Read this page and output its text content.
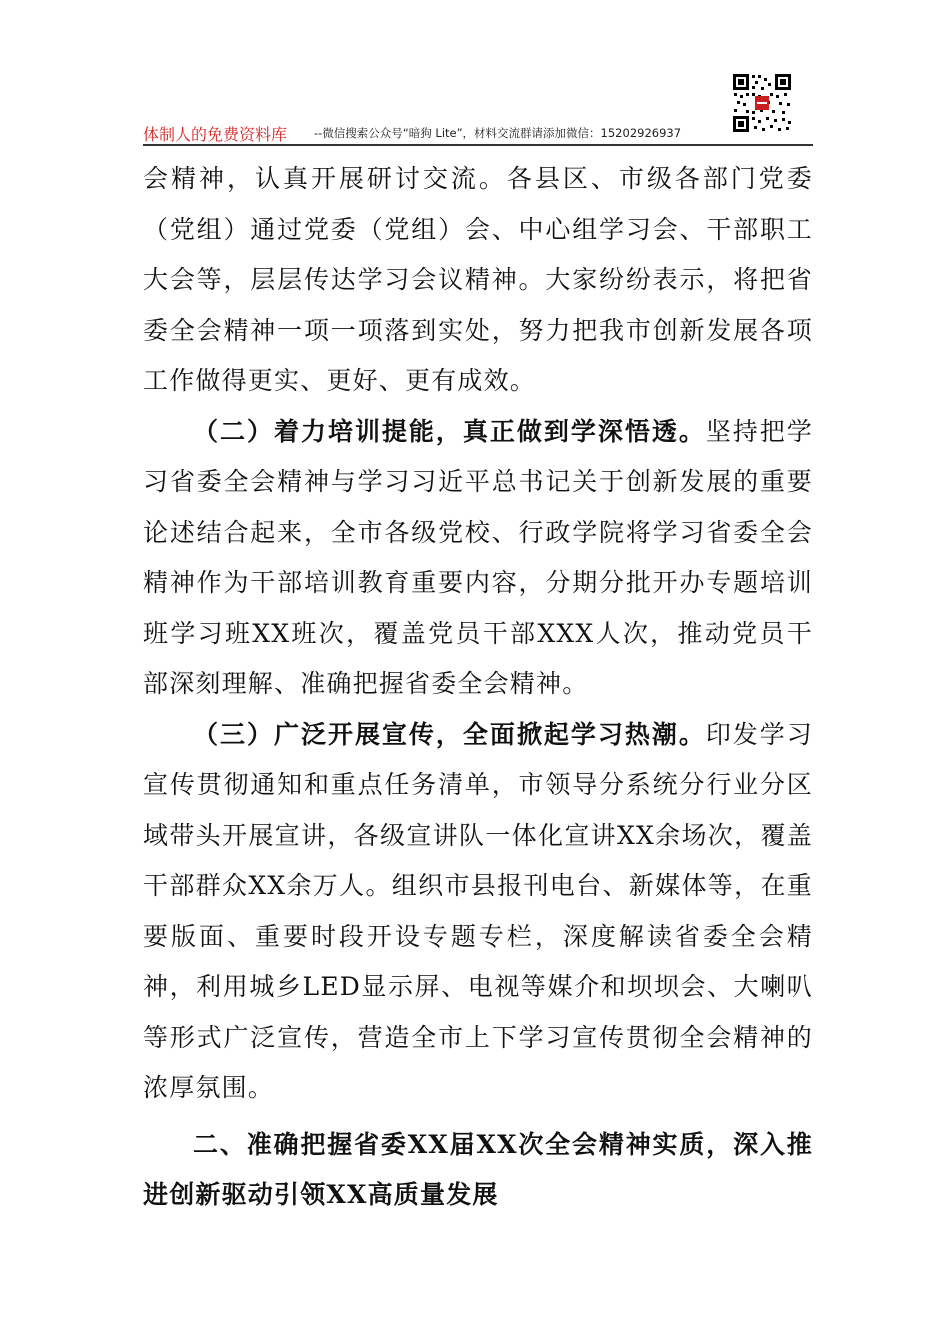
体制人的免费资料库 --微信搜索公众号“暗狗 Lite”，材料交流群请添加微信：15202926937

会精神，认真开展研讨交流。各县区、市级各部门党委（党组）通过党委（党组）会、中心组学习会、干部职工大会等，层层传达学习会议精神。大家纷纷表示，将把省委全会精神一项一项落到实处，努力把我市创新发展各项工作做得更实、更好、更有成效。

（二）着力培训提能，真正做到学深悟透。坚持把学习省委全会精神与学习习近平总书记关于创新发展的重要论述结合起来，全市各级党校、行政学院将学习省委全会精神作为干部培训教育重要内容，分期分批开办专题培训班学习班XX班次，覆盖党员干部XXX人次，推动党员干部深刻理解、准确把握省委全会精神。

（三）广泛开展宣传，全面掀起学习热潮。印发学习宣传贯彻通知和重点任务清单，市领导分系统分行业分区域带头开展宣讲，各级宣讲队一体化宣讲XX余场次，覆盖干部群众XX余万人。组织市县报刊电台、新媒体等，在重要版面、重要时段开设专题专栏，深度解读省委全会精神，利用城乡LED显示屏、电视等媒介和坝坝会、大喇叭等形式广泛宣传，营造全市上下学习宣传贯彻全会精神的浓厚氛围。

二、准确把握省委XX届XX次全会精神实质，深入推进创新驱动引领XX高质量发展
